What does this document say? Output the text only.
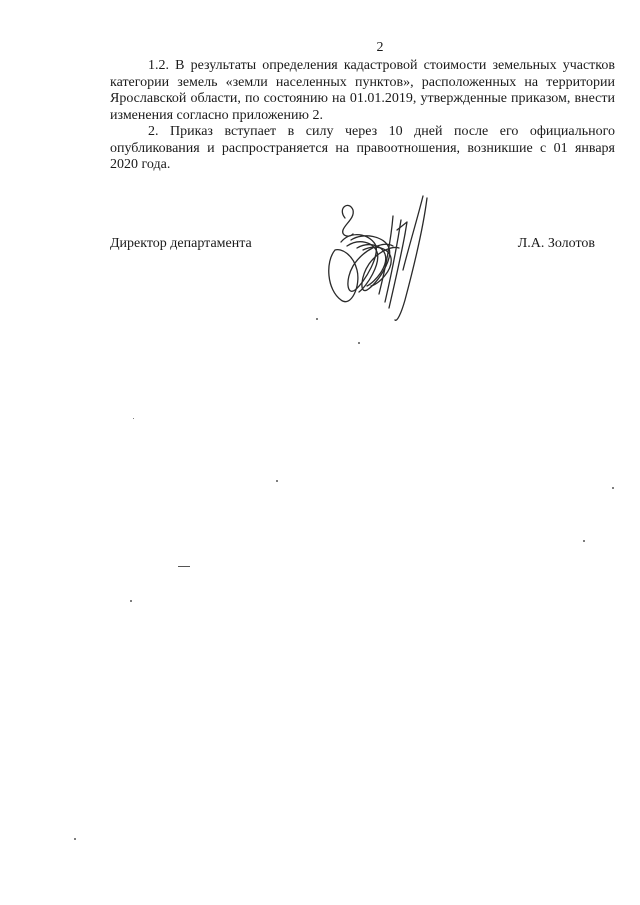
2

1.2. В результаты определения кадастровой стоимости земельных участков категории земель «земли населенных пунктов», расположенных на территории Ярославской области, по состоянию на 01.01.2019, утвержденные приказом, внести изменения согласно приложению 2.

2. Приказ вступает в силу через 10 дней после его официального опубликования и распространяется на правоотношения, возникшие с 01 января 2020 года.

Директор департамента	Л.А. Золотов
